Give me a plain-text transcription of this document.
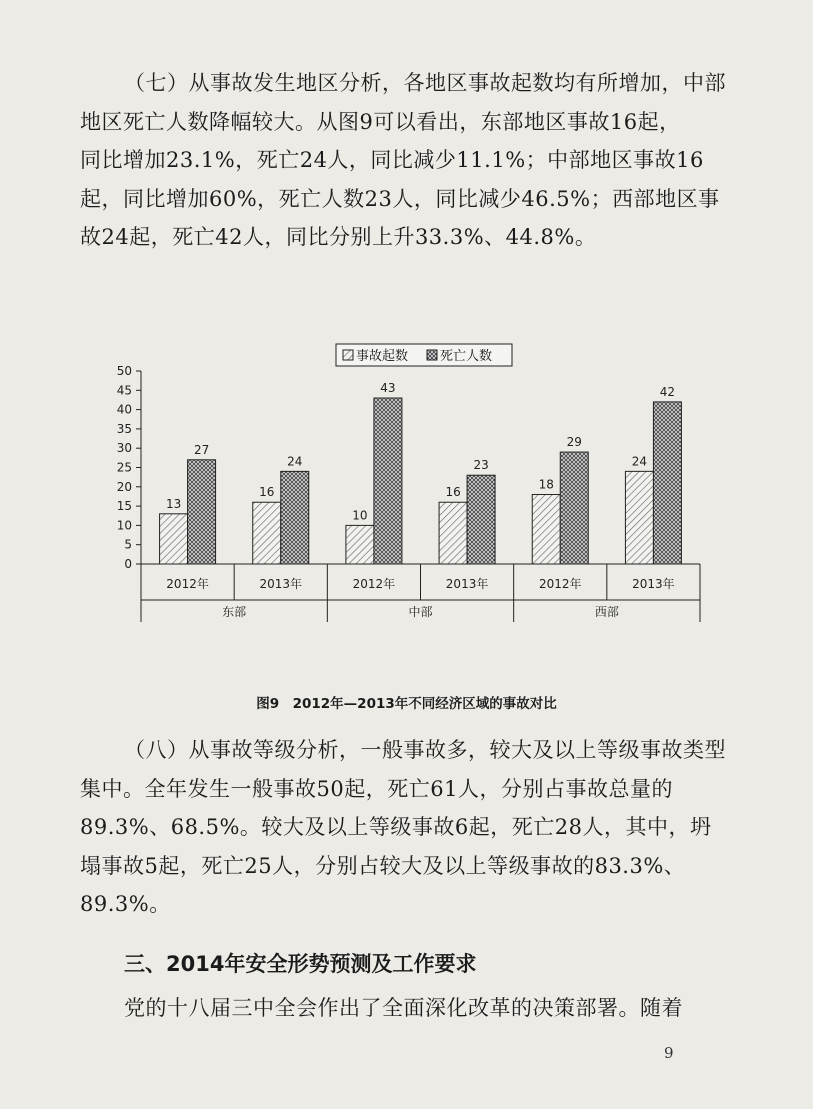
（七）从事故发生地区分析，各地区事故起数均有所增加，中部
地区死亡人数降幅较大。从图9可以看出，东部地区事故16起，
同比增加23.1%，死亡24人，同比减少11.1%；中部地区事故16
起，同比增加60%，死亡人数23人，同比减少46.5%；西部地区事
故24起，死亡42人，同比分别上升33.3%、44.8%。

0
5
10
15
20
25
30
35
40
45
50
2012年	2013年	2012年	2013年	2012年	2013年
东部	中部	西部
13
16
10
16
18
24
27
24
43
23
29
42
事故起数 死亡人数
图9　2012年—2013年不同经济区域的事故对比

（八）从事故等级分析，一般事故多，较大及以上等级事故类型
集中。全年发生一般事故50起，死亡61人，分别占事故总量的
89.3%、68.5%。较大及以上等级事故6起，死亡28人，其中，坍
塌事故5起，死亡25人，分别占较大及以上等级事故的83.3%、
89.3%。

三、2014年安全形势预测及工作要求

党的十八届三中全会作出了全面深化改革的决策部署。随着

9
